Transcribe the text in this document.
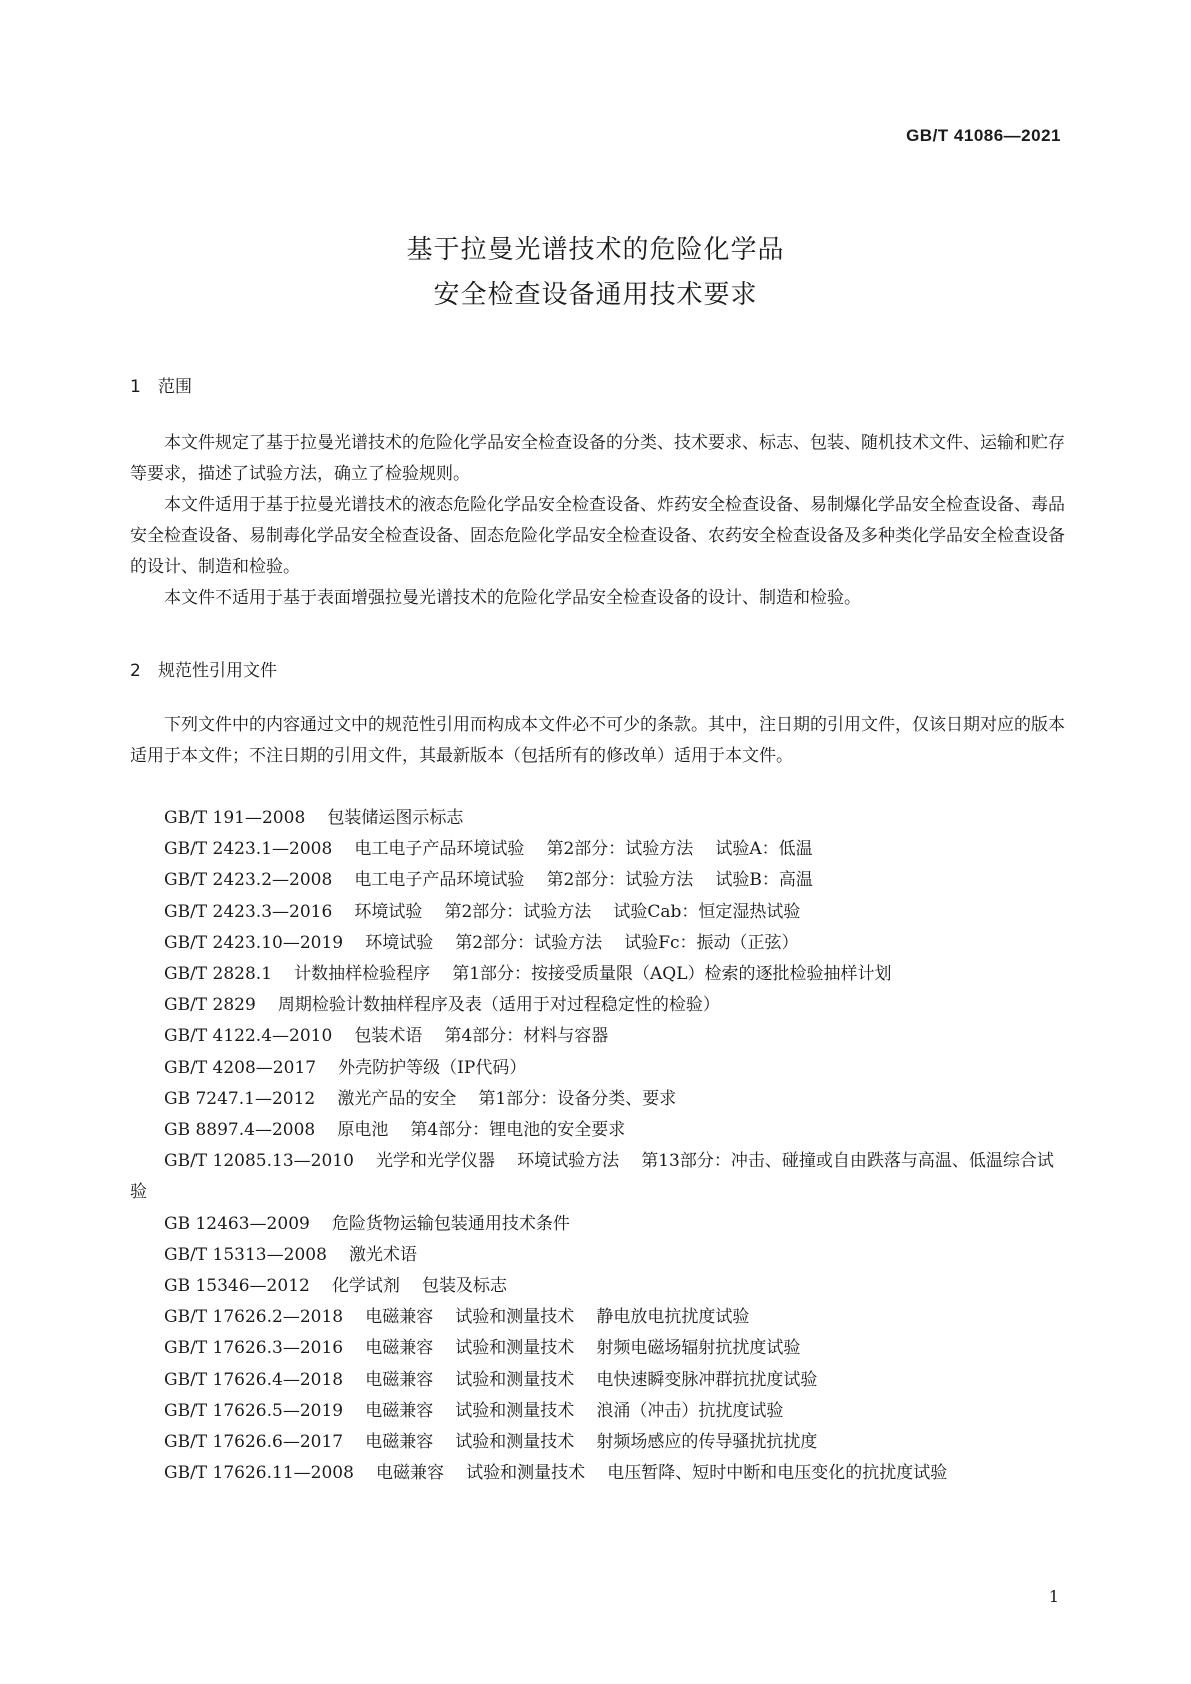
GB/T 41086—2021
基于拉曼光谱技术的危险化学品
安全检查设备通用技术要求
1 范围

本文件规定了基于拉曼光谱技术的危险化学品安全检查设备的分类、技术要求、标志、包装、随机技术文件、运输和贮存等要求，描述了试验方法，确立了检验规则。

本文件适用于基于拉曼光谱技术的液态危险化学品安全检查设备、炸药安全检查设备、易制爆化学品安全检查设备、毒品安全检查设备、易制毒化学品安全检查设备、固态危险化学品安全检查设备、农药安全检查设备及多种类化学品安全检查设备的设计、制造和检验。

本文件不适用于基于表面增强拉曼光谱技术的危险化学品安全检查设备的设计、制造和检验。

2 规范性引用文件

下列文件中的内容通过文中的规范性引用而构成本文件必不可少的条款。其中，注日期的引用文件，仅该日期对应的版本适用于本文件；不注日期的引用文件，其最新版本（包括所有的修改单）适用于本文件。

GB/T 191—2008 包装储运图示标志

GB/T 2423.1—2008 电工电子产品环境试验 第2部分：试验方法 试验A：低温

GB/T 2423.2—2008 电工电子产品环境试验 第2部分：试验方法 试验B：高温

GB/T 2423.3—2016 环境试验 第2部分：试验方法 试验Cab：恒定湿热试验

GB/T 2423.10—2019 环境试验 第2部分：试验方法 试验Fc：振动（正弦）

GB/T 2828.1 计数抽样检验程序 第1部分：按接受质量限（AQL）检索的逐批检验抽样计划

GB/T 2829 周期检验计数抽样程序及表（适用于对过程稳定性的检验）

GB/T 4122.4—2010 包装术语 第4部分：材料与容器

GB/T 4208—2017 外壳防护等级（IP代码）

GB 7247.1—2012 激光产品的安全 第1部分：设备分类、要求

GB 8897.4—2008 原电池 第4部分：锂电池的安全要求

GB/T 12085.13—2010 光学和光学仪器 环境试验方法 第13部分：冲击、碰撞或自由跌落与高温、低温综合试验

GB 12463—2009 危险货物运输包装通用技术条件

GB/T 15313—2008 激光术语

GB 15346—2012 化学试剂 包装及标志

GB/T 17626.2—2018 电磁兼容 试验和测量技术 静电放电抗扰度试验

GB/T 17626.3—2016 电磁兼容 试验和测量技术 射频电磁场辐射抗扰度试验

GB/T 17626.4—2018 电磁兼容 试验和测量技术 电快速瞬变脉冲群抗扰度试验

GB/T 17626.5—2019 电磁兼容 试验和测量技术 浪涌（冲击）抗扰度试验

GB/T 17626.6—2017 电磁兼容 试验和测量技术 射频场感应的传导骚扰抗扰度

GB/T 17626.11—2008 电磁兼容 试验和测量技术 电压暂降、短时中断和电压变化的抗扰度试验

1
